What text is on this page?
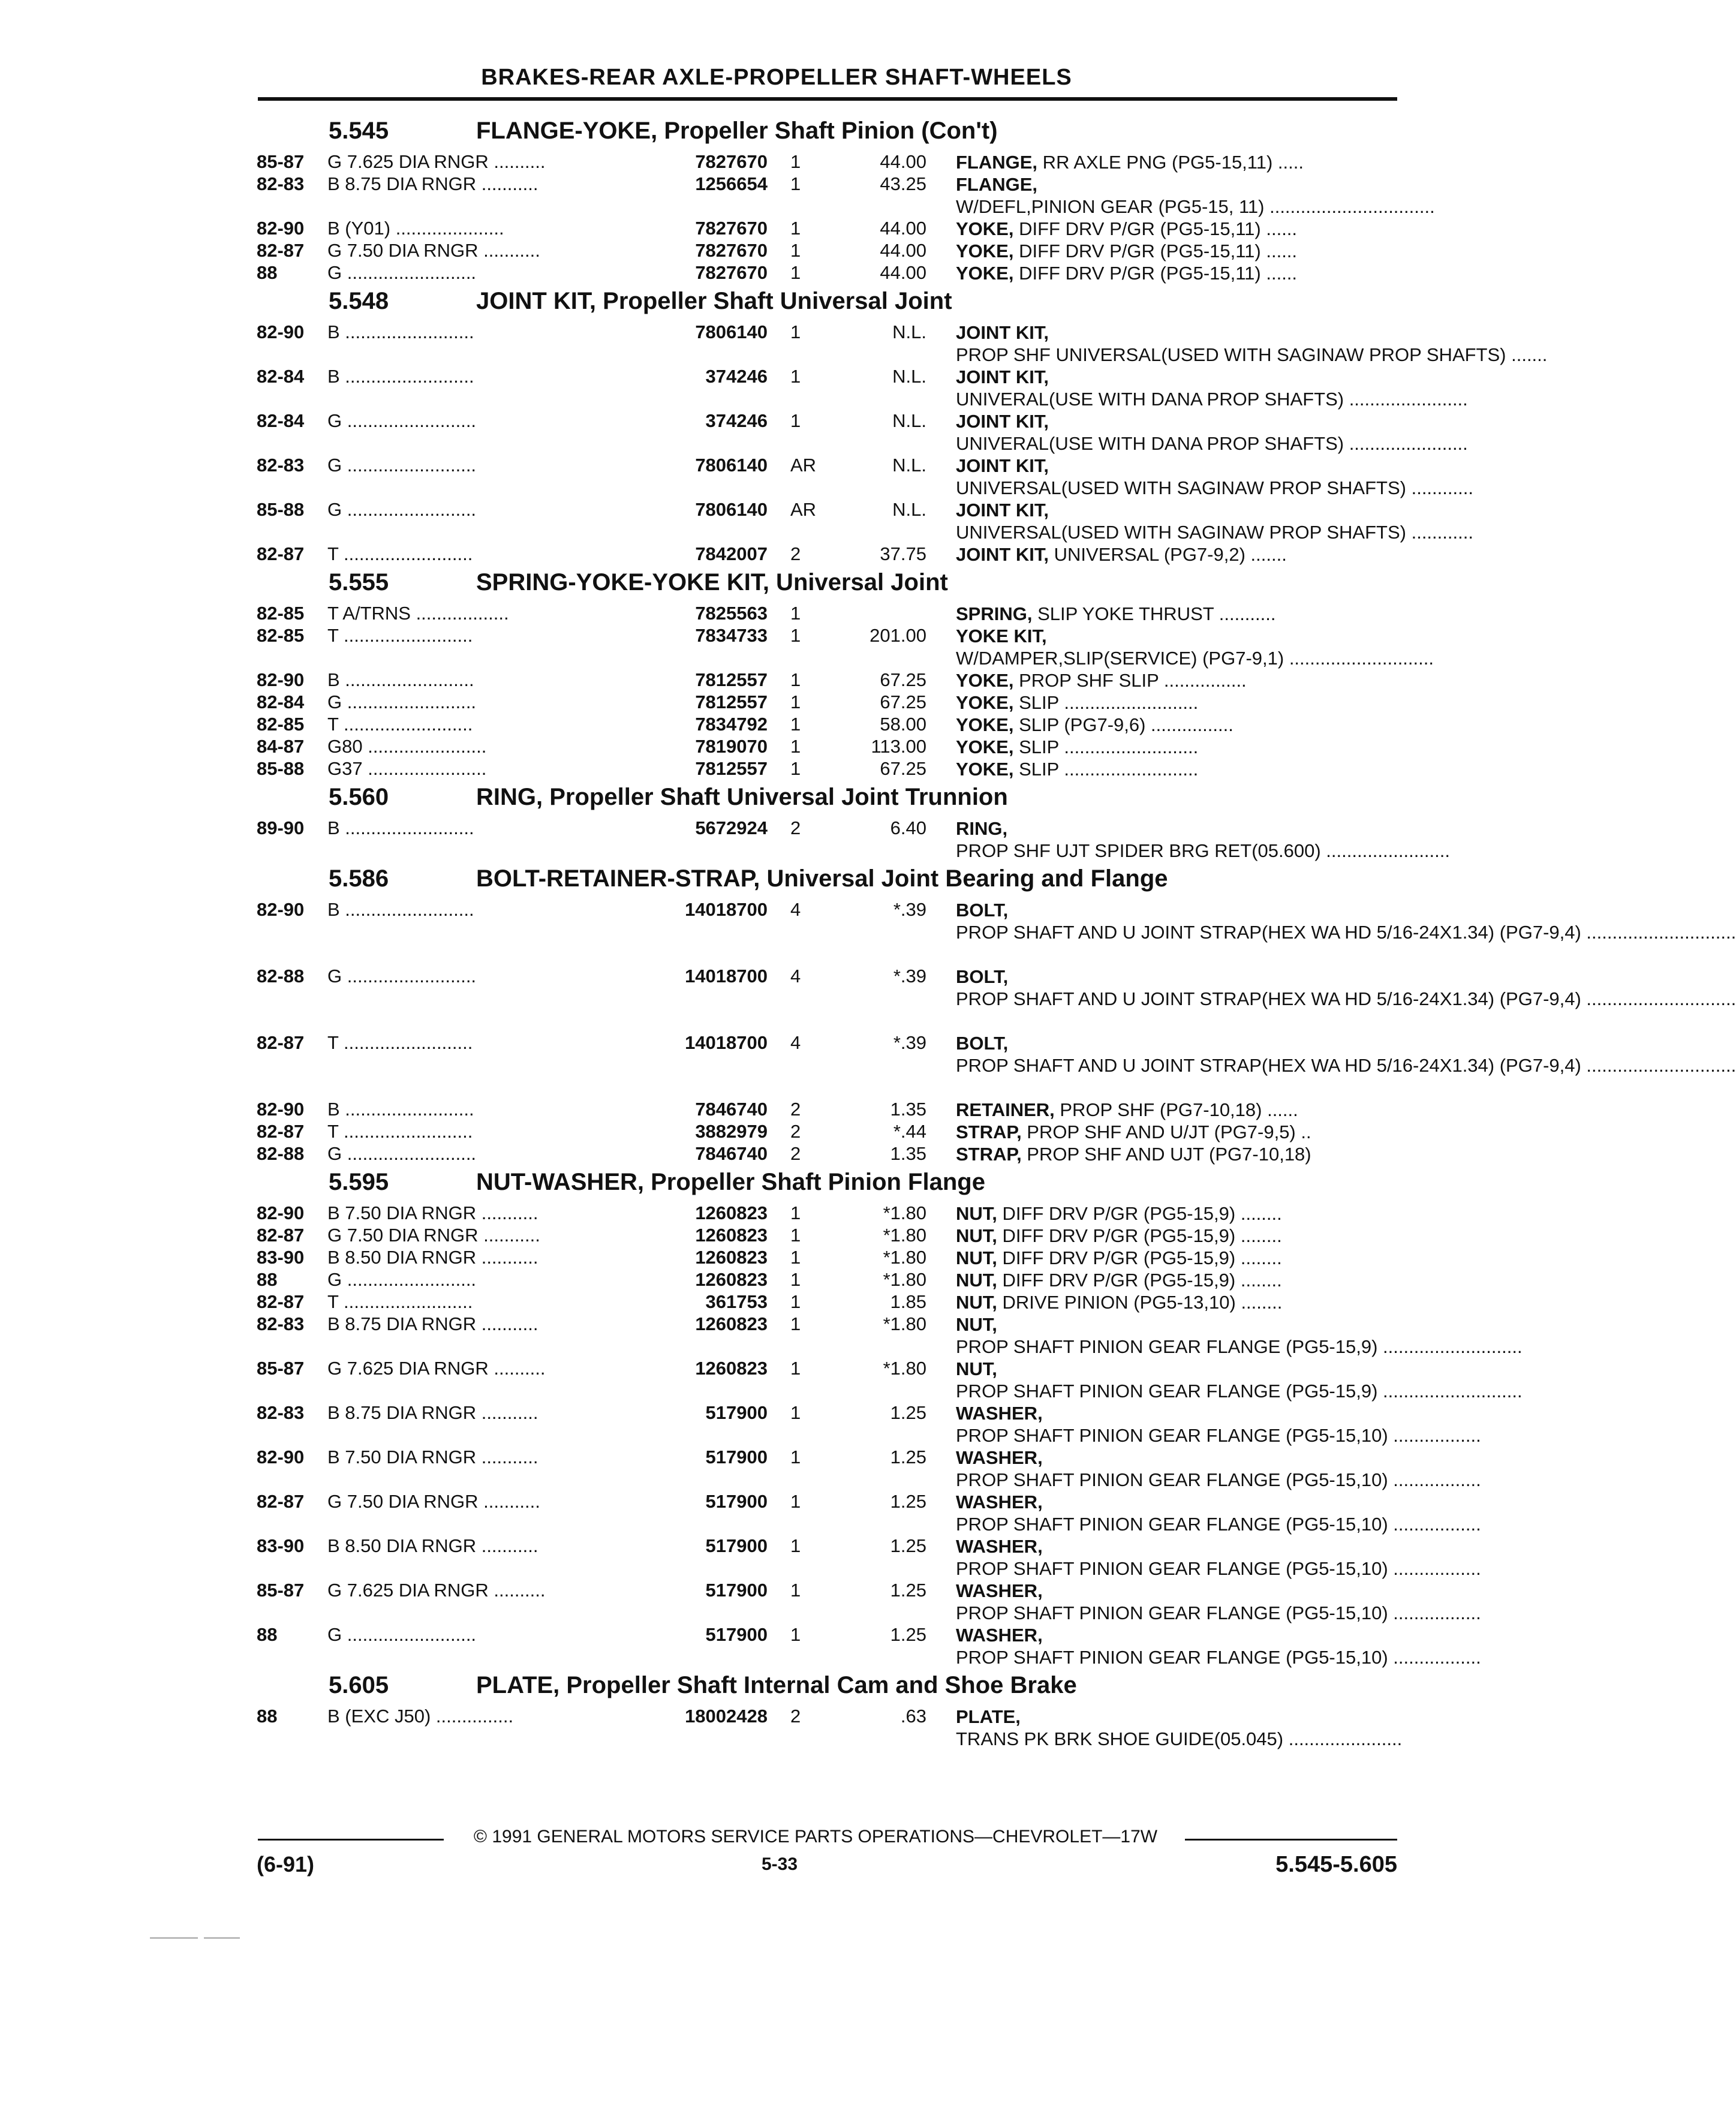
BRAKES-REAR AXLE-PROPELLER SHAFT-WHEELS
5.545	FLANGE-YOKE, Propeller Shaft Pinion (Con't)
85-87 G 7.625 DIA RNGR ..........	7827670 1	44.00 FLANGE, RR AXLE PNG (PG5-15,11) .....
82-83 B 8.75 DIA RNGR ...........	1256654 1	43.25 FLANGE, W/DEFL,PINION GEAR (PG5-15, 11) ................................
82-90 B (Y01) .....................	7827670 1	44.00 YOKE, DIFF DRV P/GR (PG5-15,11) ......
82-87 G 7.50 DIA RNGR ...........	7827670 1	44.00 YOKE, DIFF DRV P/GR (PG5-15,11) ......
88	G .........................	7827670 1	44.00 YOKE, DIFF DRV P/GR (PG5-15,11) ......
5.548	JOINT KIT, Propeller Shaft Universal Joint
82-90 B .........................	7806140 1	N.L. JOINT KIT, PROP SHF UNIVERSAL(USED WITH SAGINAW PROP SHAFTS) .......
82-84 B .........................	374246 1	N.L. JOINT KIT, UNIVERAL(USE WITH DANA PROP SHAFTS) .......................
82-84 G .........................	374246 1	N.L. JOINT KIT, UNIVERAL(USE WITH DANA PROP SHAFTS) .......................
82-83 G .........................	7806140 AR	N.L. JOINT KIT, UNIVERSAL(USED WITH SAGINAW PROP SHAFTS) ............
85-88 G .........................	7806140 AR	N.L. JOINT KIT, UNIVERSAL(USED WITH SAGINAW PROP SHAFTS) ............
82-87 T .........................	7842007 2	37.75 JOINT KIT, UNIVERSAL (PG7-9,2) .......
5.555	SPRING-YOKE-YOKE KIT, Universal Joint
82-85 T A/TRNS ..................	7825563 1	SPRING, SLIP YOKE THRUST ...........
82-85 T .........................	7834733 1	201.00 YOKE KIT, W/DAMPER,SLIP(SERVICE) (PG7-9,1) ............................
82-90 B .........................	7812557 1	67.25 YOKE, PROP SHF SLIP ................
82-84 G .........................	7812557 1	67.25 YOKE, SLIP ..........................
82-85 T .........................	7834792 1	58.00 YOKE, SLIP (PG7-9,6) ................
84-87 G80 .......................	7819070 1	113.00 YOKE, SLIP ..........................
85-88 G37 .......................	7812557 1	67.25 YOKE, SLIP ..........................
5.560	RING, Propeller Shaft Universal Joint Trunnion
89-90 B .........................	5672924 2	6.40 RING, PROP SHF UJT SPIDER BRG RET(05.600) ........................
5.586	BOLT-RETAINER-STRAP, Universal Joint Bearing and Flange
82-90 B .........................	14018700 4	*.39 BOLT, PROP SHAFT AND U JOINT STRAP(HEX WA HD 5/16-24X1.34) (PG7-9,4) .............................
82-88 G .........................	14018700 4	*.39 BOLT, PROP SHAFT AND U JOINT STRAP(HEX WA HD 5/16-24X1.34) (PG7-9,4) .............................
82-87 T .........................	14018700 4	*.39 BOLT, PROP SHAFT AND U JOINT STRAP(HEX WA HD 5/16-24X1.34) (PG7-9,4) .............................
82-90 B .........................	7846740 2	1.35 RETAINER, PROP SHF (PG7-10,18) ......
82-87 T .........................	3882979 2	*.44 STRAP, PROP SHF AND U/JT (PG7-9,5) ..
82-88 G .........................	7846740 2	1.35 STRAP, PROP SHF AND UJT (PG7-10,18)
5.595	NUT-WASHER, Propeller Shaft Pinion Flange
82-90 B 7.50 DIA RNGR ...........	1260823 1	*1.80 NUT, DIFF DRV P/GR (PG5-15,9) ........
82-87 G 7.50 DIA RNGR ...........	1260823 1	*1.80 NUT, DIFF DRV P/GR (PG5-15,9) ........
83-90 B 8.50 DIA RNGR ...........	1260823 1	*1.80 NUT, DIFF DRV P/GR (PG5-15,9) ........
88	G .........................	1260823 1	*1.80 NUT, DIFF DRV P/GR (PG5-15,9) ........
82-87 T .........................	361753 1	1.85 NUT, DRIVE PINION (PG5-13,10) ........
82-83 B 8.75 DIA RNGR ...........	1260823 1	*1.80 NUT, PROP SHAFT PINION GEAR FLANGE (PG5-15,9) ...........................
85-87 G 7.625 DIA RNGR ..........	1260823 1	*1.80 NUT, PROP SHAFT PINION GEAR FLANGE (PG5-15,9) ...........................
82-83 B 8.75 DIA RNGR ...........	517900 1	1.25 WASHER, PROP SHAFT PINION GEAR FLANGE (PG5-15,10) .................
82-90 B 7.50 DIA RNGR ...........	517900 1	1.25 WASHER, PROP SHAFT PINION GEAR FLANGE (PG5-15,10) .................
82-87 G 7.50 DIA RNGR ...........	517900 1	1.25 WASHER, PROP SHAFT PINION GEAR FLANGE (PG5-15,10) .................
83-90 B 8.50 DIA RNGR ...........	517900 1	1.25 WASHER, PROP SHAFT PINION GEAR FLANGE (PG5-15,10) .................
85-87 G 7.625 DIA RNGR ..........	517900 1	1.25 WASHER, PROP SHAFT PINION GEAR FLANGE (PG5-15,10) .................
88	G .........................	517900 1	1.25 WASHER, PROP SHAFT PINION GEAR FLANGE (PG5-15,10) .................
5.605	PLATE, Propeller Shaft Internal Cam and Shoe Brake
88	B (EXC J50) ...............	18002428 2	.63 PLATE, TRANS PK BRK SHOE GUIDE(05.045) ......................
© 1991 GENERAL MOTORS SERVICE PARTS OPERATIONS—CHEVROLET—17W
(6-91)	5-33	5.545-5.605
